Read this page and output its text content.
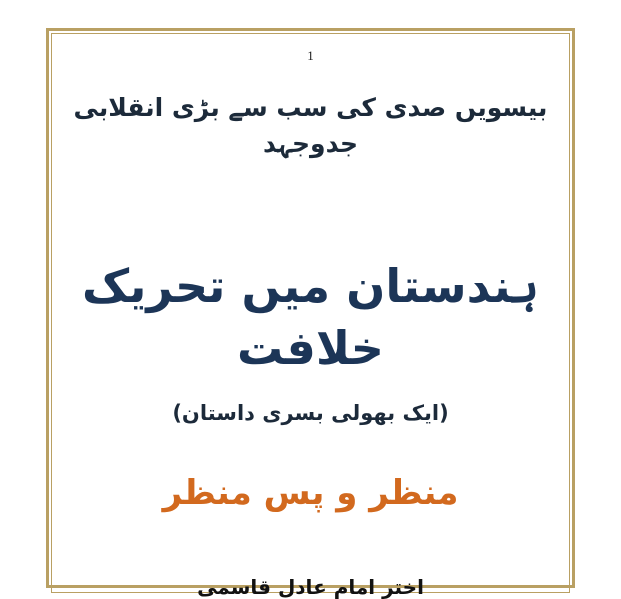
1
بیسویں صدی کی سب سے بڑی انقلابی جدوجہد
ہندستان میں تحریک خلافت
(ایک بھولی بسری داستان)
منظر و پس منظر
اختر امام عادل قاسمی
